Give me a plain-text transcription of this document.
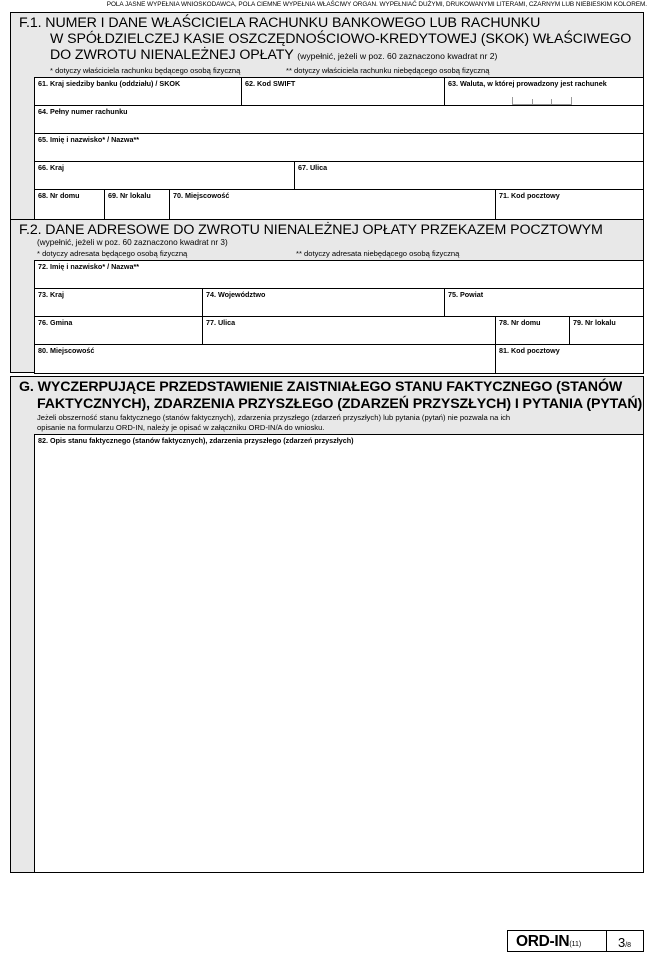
POLA JASNE WYPEŁNIA WNIOSKODAWCA, POLA CIEMNE WYPEŁNIA WŁAŚCIWY ORGAN. WYPEŁNIAĆ DUŻYMI, DRUKOWANYMI LITERAMI, CZARNYM LUB NIEBIESKIM KOLOREM.
F.1. NUMER I DANE WŁAŚCICIELA RACHUNKU BANKOWEGO LUB RACHUNKU
W SPÓŁDZIELCZEJ KASIE OSZCZĘDNOŚCIOWO-KREDYTOWEJ (SKOK) WŁAŚCIWEGO
DO ZWROTU NIENALEŻNEJ OPŁATY (wypełnić, jeżeli w poz. 60 zaznaczono kwadrat nr 2)
* dotyczy właściciela rachunku będącego osobą fizyczną	** dotyczy właściciela rachunku niebędącego osobą fizyczną
61. Kraj siedziby banku (oddziału) / SKOK	62. Kod SWIFT	63. Waluta, w której prowadzony jest rachunek
64. Pełny numer rachunku
65. Imię i nazwisko* / Nazwa**
66. Kraj	67. Ulica
68. Nr domu	69. Nr lokalu	70. Miejscowość	71. Kod pocztowy
F.2. DANE ADRESOWE DO ZWROTU NIENALEŻNEJ OPŁATY PRZEKAZEM POCZTOWYM
(wypełnić, jeżeli w poz. 60 zaznaczono kwadrat nr 3)
* dotyczy adresata będącego osobą fizyczną	** dotyczy adresata niebędącego osobą fizyczną
72. Imię i nazwisko* / Nazwa**
73. Kraj	74. Województwo	75. Powiat
76. Gmina	77. Ulica	78. Nr domu	79. Nr lokalu
80. Miejscowość	81. Kod pocztowy
G. WYCZERPUJĄCE PRZEDSTAWIENIE ZAISTNIAŁEGO STANU FAKTYCZNEGO (STANÓW
FAKTYCZNYCH), ZDARZENIA PRZYSZŁEGO (ZDARZEŃ PRZYSZŁYCH) I PYTANIA (PYTAŃ)
Jeżeli obszerność stanu faktycznego (stanów faktycznych), zdarzenia przyszłego (zdarzeń przyszłych) lub pytania (pytań) nie pozwala na ich
opisanie na formularzu ORD-IN, należy je opisać w załączniku ORD-IN/A do wniosku.
82. Opis stanu faktycznego (stanów faktycznych), zdarzenia przyszłego (zdarzeń przyszłych)
ORD-IN(11)	3/8
